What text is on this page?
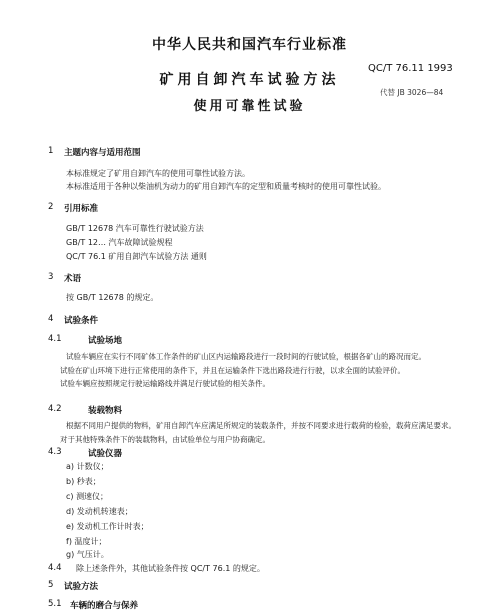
中华人民共和国汽车行业标准
QC/T 76.11 1993
矿用自卸汽车试验方法
代替 JB 3026—84
使用可靠性试验
1 主题内容与适用范围
本标准规定了矿用自卸汽车的使用可靠性试验方法。
本标准适用于各种以柴油机为动力的矿用自卸汽车的定型和质量考核时的使用可靠性试验。
2 引用标准
GB/T 12678 汽车可靠性行驶试验方法
GB/T 12… 汽车故障试验规程
QC/T 76.1 矿用自卸汽车试验方法 通则
3 术语
按 GB/T 12678 的规定。
4 试验条件
4.1	试验场地
试验车辆应在实行不同矿体工作条件的矿山区内运输路段进行一段时间的行驶试验，根据各矿山的路况而定。
试验在矿山环境下进行正常使用的条件下，并且在运输条件下选出路段进行行驶，以求全面的试验评价。
试验车辆应按照规定行驶运输路线并满足行驶试验的相关条件。
4.2	装载物料
根据不同用户提供的物料，矿用自卸汽车应满足所规定的装载条件，并按不同要求进行载荷的检验，载荷应满足要求。
对于其他特殊条件下的装载物料，由试验单位与用户协商确定。
4.3	试验仪器
a) 计数仪；
b) 秒表；
c) 测速仪；
d) 发动机转速表；
e) 发动机工作计时表；
f) 温度计；
g) 气压计。
4.4 除上述条件外，其他试验条件按 QC/T 76.1 的规定。
5 试验方法
5.1 车辆的磨合与保养
